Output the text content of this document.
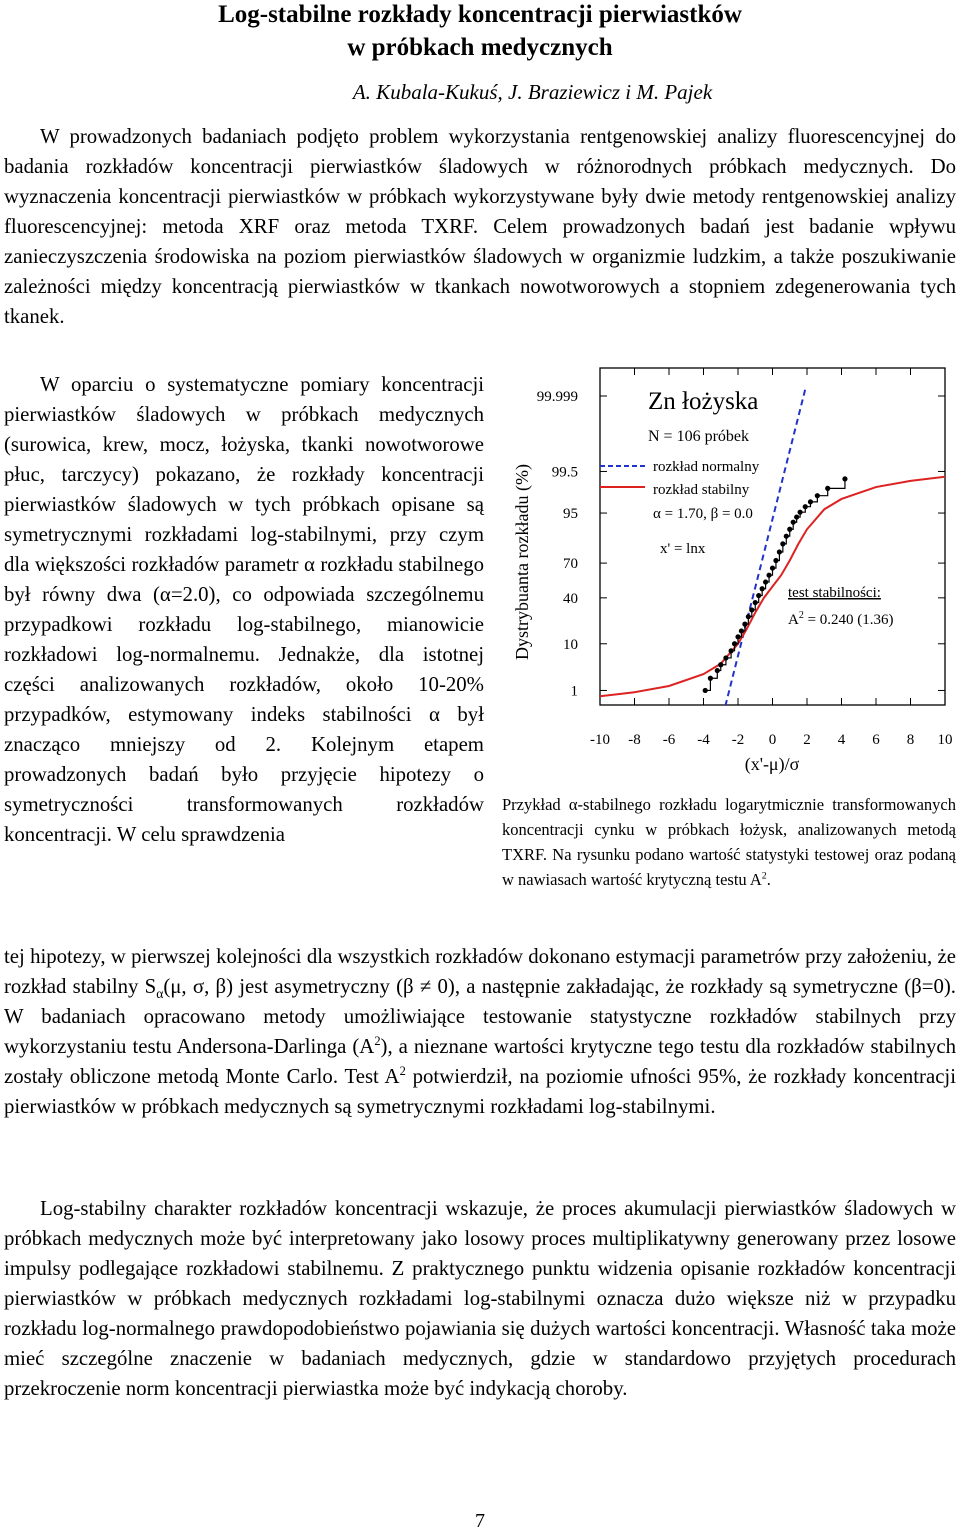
Log-stabilne rozkłady koncentracji pierwiastków
w próbkach medycznych
A. Kubala-Kukuś, J. Braziewicz i M. Pajek

W prowadzonych badaniach podjęto problem wykorzystania rentgenowskiej analizy fluorescencyjnej do badania rozkładów koncentracji pierwiastków śladowych w różnorodnych próbkach medycznych. Do wyznaczenia koncentracji pierwiastków w próbkach wykorzystywane były dwie metody rentgenowskiej analizy fluorescencyjnej: metoda XRF oraz metoda TXRF. Celem prowadzonych badań jest badanie wpływu zanieczyszczenia środowiska na poziom pierwiastków śladowych w organizmie ludzkim, a także poszukiwanie zależności między koncentracją pierwiastków w tkankach nowotworowych a stopniem zdegenerowania tych tkanek.

W oparciu o systematyczne pomiary koncentracji pierwiastków śladowych w próbkach medycznych (surowica, krew, mocz, łożyska, tkanki nowotworowe płuc, tarczycy) pokazano, że rozkłady koncentracji pierwiastków śladowych w tych próbkach opisane są symetrycznymi rozkładami log-stabilnymi, przy czym dla większości rozkładów parametr α rozkładu stabilnego był równy dwa (α=2.0), co odpowiada szczególnemu przypadkowi rozkładu log-stabilnego, mianowicie rozkładowi log-normalnemu. Jednakże, dla istotnej części analizowanych rozkładów, około 10-20% przypadków, estymowany indeks stabilności α był znacząco mniejszy od 2. Kolejnym etapem prowadzonych badań było przyjęcie hipotezy o symetryczności transformowanych rozkładów koncentracji. W celu sprawdzenia

tej hipotezy, w pierwszej kolejności dla wszystkich rozkładów dokonano estymacji parametrów przy założeniu, że rozkład stabilny $S_\alpha(\mu$, σ, β) jest asymetryczny (β ≠ 0), a następnie zakładając, że rozkłady są symetryczne (β=0). W badaniach opracowano metody umożliwiające testowanie statystyczne rozkładów stabilnych przy wykorzystaniu testu Andersona-Darlinga $(A^2)$, a nieznane wartości krytyczne tego testu dla rozkładów stabilnych zostały obliczone metodą Monte Carlo. Test $A^2$ potwierdził, na poziomie ufności 95%, że rozkłady koncentracji pierwiastków w próbkach medycznych są symetrycznymi rozkładami log-stabilnymi.

Log-stabilny charakter rozkładów koncentracji wskazuje, że proces akumulacji pierwiastków śladowych w próbkach medycznych może być interpretowany jako losowy proces multiplikatywny generowany przez losowe impulsy podlegające rozkładowi stabilnemu. Z praktycznego punktu widzenia opisanie rozkładów koncentracji pierwiastków w próbkach medycznych rozkładami log-stabilnymi oznacza dużo większe niż w przypadku rozkładu log-normalnego prawdopodobieństwo pojawiania się dużych wartości koncentracji. Własność taka może mieć szczególne znaczenie w badaniach medycznych, gdzie w standardowo przyjętych procedurach przekroczenie norm koncentracji pierwiastka może być indykacją choroby.

Przykład α-stabilnego rozkładu logarytmicznie transformowanych koncentracji cynku w próbkach łożysk, analizowanych metodą TXRF. Na rysunku podano wartość statystyki testowej oraz podaną w nawiasach wartość krytyczną testu $A^2$.

1
10
40
70
95
99.5
99.999
-10 -8 -6 -4 -2 0 2 4 6 8 10
Zn łożyska
N = 106 próbek
rozkład normalny
rozkład stabilny
α = 1.70, β = 0.0
x' = lnx
test stabilności:
$A^2 = 0.240$ (1.36)
Dystrybuanta rozkładu (%)
(x'-μ)/σ
7
